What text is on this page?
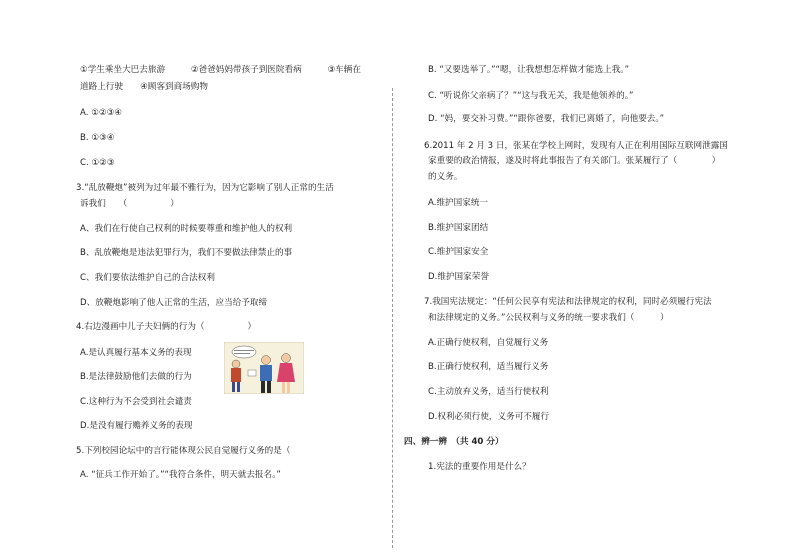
①学生乘坐大巴去旅游　　　②爸爸妈妈带孩子到医院看病　　　③车辆在
道路上行驶　　④顾客到商场购物
A. ①②③④
B. ①③④
C. ①②③
3.“乱放鞭炮”被列为过年最不雅行为，因为它影响了别人正常的生活
诉我们　　（　　　　　）
A、我们在行使自己权利的时候要尊重和维护他人的权利
B、乱放鞭炮是违法犯罪行为，我们不要做法律禁止的事
C、我们要依法维护自己的合法权利
D、放鞭炮影响了他人正常的生活，应当给予取缔
4.右边漫画中儿子夫妇俩的行为（　　　　　）
A.是认真履行基本义务的表现
B.是法律鼓励他们去做的行为
C.这种行为不会受到社会谴责
D.是没有履行赡养义务的表现
5.下列校园论坛中的言行能体现公民自觉履行义务的是（
A. “征兵工作开始了。”“我符合条件，明天就去报名。”
B. “又要选举了。”“嗯，让我想想怎样做才能选上我。”
C. “听说你父亲病了？”“这与我无关，我是他领养的。”
D. “妈，要交补习费。”“跟你爸要，我们已离婚了，向他要去。”
6.2011 年 2 月 3 日，张某在学校上网时，发现有人正在利用国际互联网泄露国
家重要的政治情报，遂及时将此事报告了有关部门。张某履行了（　　　　）
的义务。
A.维护国家统一
B.维护国家团结
C.维护国家安全
D.维护国家荣誉
7.我国宪法规定：“任何公民享有宪法和法律规定的权利，同时必须履行宪法
和法律规定的义务。”公民权利与义务的统一要求我们（　　　）
A.正确行使权利，自觉履行义务
B.正确行使权利，适当履行义务
C.主动放弃义务，适当行使权利
D.权利必须行使，义务可不履行
四、辨一辨　（共 40 分）
1.宪法的重要作用是什么？
